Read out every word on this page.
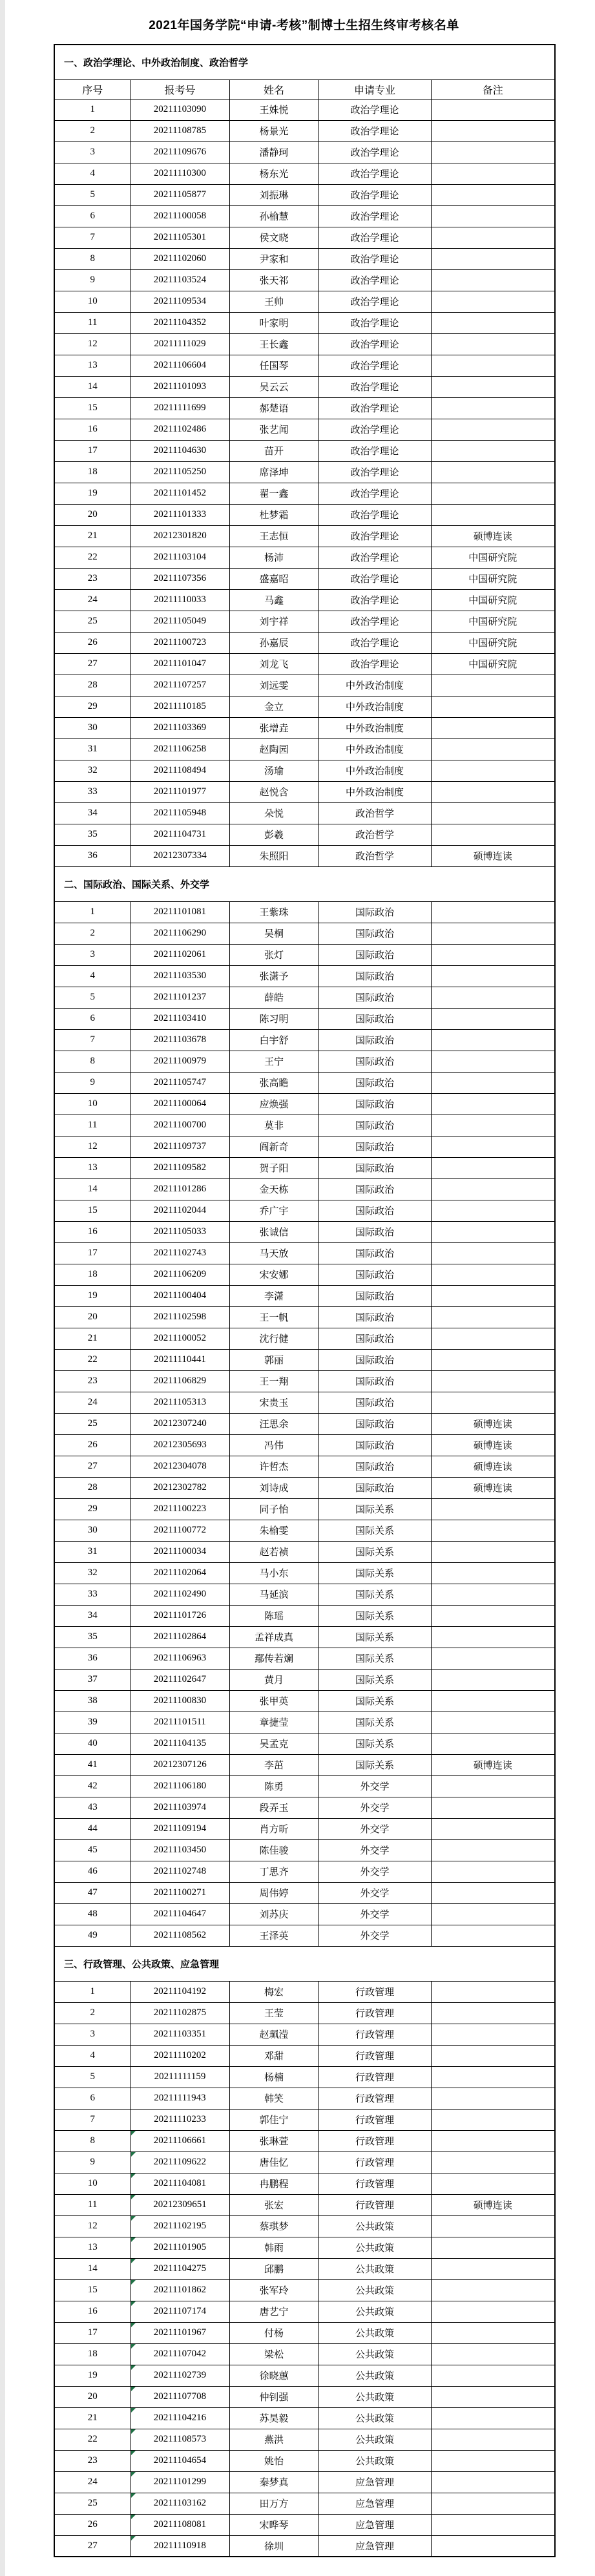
2021年国务学院“申请-考核”制博士生招生终审考核名单
一、政治学理论、中外政治制度、政治哲学				
序号	报考号	姓名	申请专业	备注
1	20211103090	王姝悦	政治学理论	
2	20211108785	杨景光	政治学理论	
3	20211109676	潘静珂	政治学理论	
4	20211110300	杨东光	政治学理论	
5	20211105877	刘振琳	政治学理论	
6	20211100058	孙榆慧	政治学理论	
7	20211105301	侯文晓	政治学理论	
8	20211102060	尹家和	政治学理论	
9	20211103524	张天祁	政治学理论	
10	20211109534	王帅	政治学理论	
11	20211104352	叶家明	政治学理论	
12	20211111029	王长鑫	政治学理论	
13	20211106604	任国琴	政治学理论	
14	20211101093	吴云云	政治学理论	
15	20211111699	郝楚语	政治学理论	
16	20211102486	张艺闻	政治学理论	
17	20211104630	苗开	政治学理论	
18	20211105250	席泽坤	政治学理论	
19	20211101452	翟一鑫	政治学理论	
20	20211101333	杜梦霜	政治学理论	
21	20212301820	王志恒	政治学理论	硕博连读
22	20211103104	杨沛	政治学理论	中国研究院
23	20211107356	盛嘉昭	政治学理论	中国研究院
24	20211110033	马鑫	政治学理论	中国研究院
25	20211105049	刘宇祥	政治学理论	中国研究院
26	20211100723	孙嘉辰	政治学理论	中国研究院
27	20211101047	刘龙飞	政治学理论	中国研究院
28	20211107257	刘远雯	中外政治制度	
29	20211110185	金立	中外政治制度	
30	20211103369	张增垚	中外政治制度	
31	20211106258	赵陶园	中外政治制度	
32	20211108494	汤瑜	中外政治制度	
33	20211101977	赵悦含	中外政治制度	
34	20211105948	朵悦	政治哲学	
35	20211104731	彭羲	政治哲学	
36	20212307334	朱照阳	政治哲学	硕博连读
二、国际政治、国际关系、外交学				
1	20211101081	王紫珠	国际政治	
2	20211106290	吴桐	国际政治	
3	20211102061	张灯	国际政治	
4	20211103530	张潇予	国际政治	
5	20211101237	薛皓	国际政治	
6	20211103410	陈习明	国际政治	
7	20211103678	白宇舒	国际政治	
8	20211100979	王宁	国际政治	
9	20211105747	张高瞻	国际政治	
10	20211100064	应焕强	国际政治	
11	20211100700	莫非	国际政治	
12	20211109737	阎新奇	国际政治	
13	20211109582	贺子阳	国际政治	
14	20211101286	金天栋	国际政治	
15	20211102044	乔广宇	国际政治	
16	20211105033	张诚信	国际政治	
17	20211102743	马天放	国际政治	
18	20211106209	宋安娜	国际政治	
19	20211100404	李潇	国际政治	
20	20211102598	王一帆	国际政治	
21	20211100052	沈行健	国际政治	
22	20211110441	郭丽	国际政治	
23	20211106829	王一翔	国际政治	
24	20211105313	宋贵玉	国际政治	
25	20212307240	汪思余	国际政治	硕博连读
26	20212305693	冯伟	国际政治	硕博连读
27	20212304078	许哲杰	国际政治	硕博连读
28	20212302782	刘诗成	国际政治	硕博连读
29	20211100223	同子怡	国际关系	
30	20211100772	朱榆雯	国际关系	
31	20211100034	赵若祯	国际关系	
32	20211102064	马小东	国际关系	
33	20211102490	马延滨	国际关系	
34	20211101726	陈瑶	国际关系	
35	20211102864	孟祥成真	国际关系	
36	20211106963	鄢传若斓	国际关系	
37	20211102647	黄月	国际关系	
38	20211100830	张甲英	国际关系	
39	20211101511	章捷莹	国际关系	
40	20211104135	吴孟克	国际关系	
41	20212307126	李茁	国际关系	硕博连读
42	20211106180	陈勇	外交学	
43	20211103974	段弄玉	外交学	
44	20211109194	肖方昕	外交学	
45	20211103450	陈佳骏	外交学	
46	20211102748	丁思齐	外交学	
47	20211100271	周伟婷	外交学	
48	20211104647	刘苏庆	外交学	
49	20211108562	王泽英	外交学	
三、行政管理、公共政策、应急管理				
1	20211104192	梅宏	行政管理	
2	20211102875	王莹	行政管理	
3	20211103351	赵珮滢	行政管理	
4	20211110202	邓甜	行政管理	
5	20211111159	杨楠	行政管理	
6	20211111943	韩笑	行政管理	
7	20211110233	郭佳宁	行政管理	
8	20211106661	张琳萱	行政管理	
9	20211109622	唐佳忆	行政管理	
10	20211104081	冉鹏程	行政管理	
11	20212309651	张宏	行政管理	硕博连读
12	20211102195	蔡琪梦	公共政策	
13	20211101905	韩雨	公共政策	
14	20211104275	邱鹏	公共政策	
15	20211101862	张军玲	公共政策	
16	20211107174	唐艺宁	公共政策	
17	20211101967	付杨	公共政策	
18	20211107042	梁松	公共政策	
19	20211102739	徐晓蕙	公共政策	
20	20211107708	仲钊强	公共政策	
21	20211104216	苏昊毅	公共政策	
22	20211108573	燕洪	公共政策	
23	20211104654	姚怡	公共政策	
24	20211101299	秦梦真	应急管理	
25	20211103162	田万方	应急管理	
26	20211108081	宋晔琴	应急管理	
27	20211110918	徐圳	应急管理	
